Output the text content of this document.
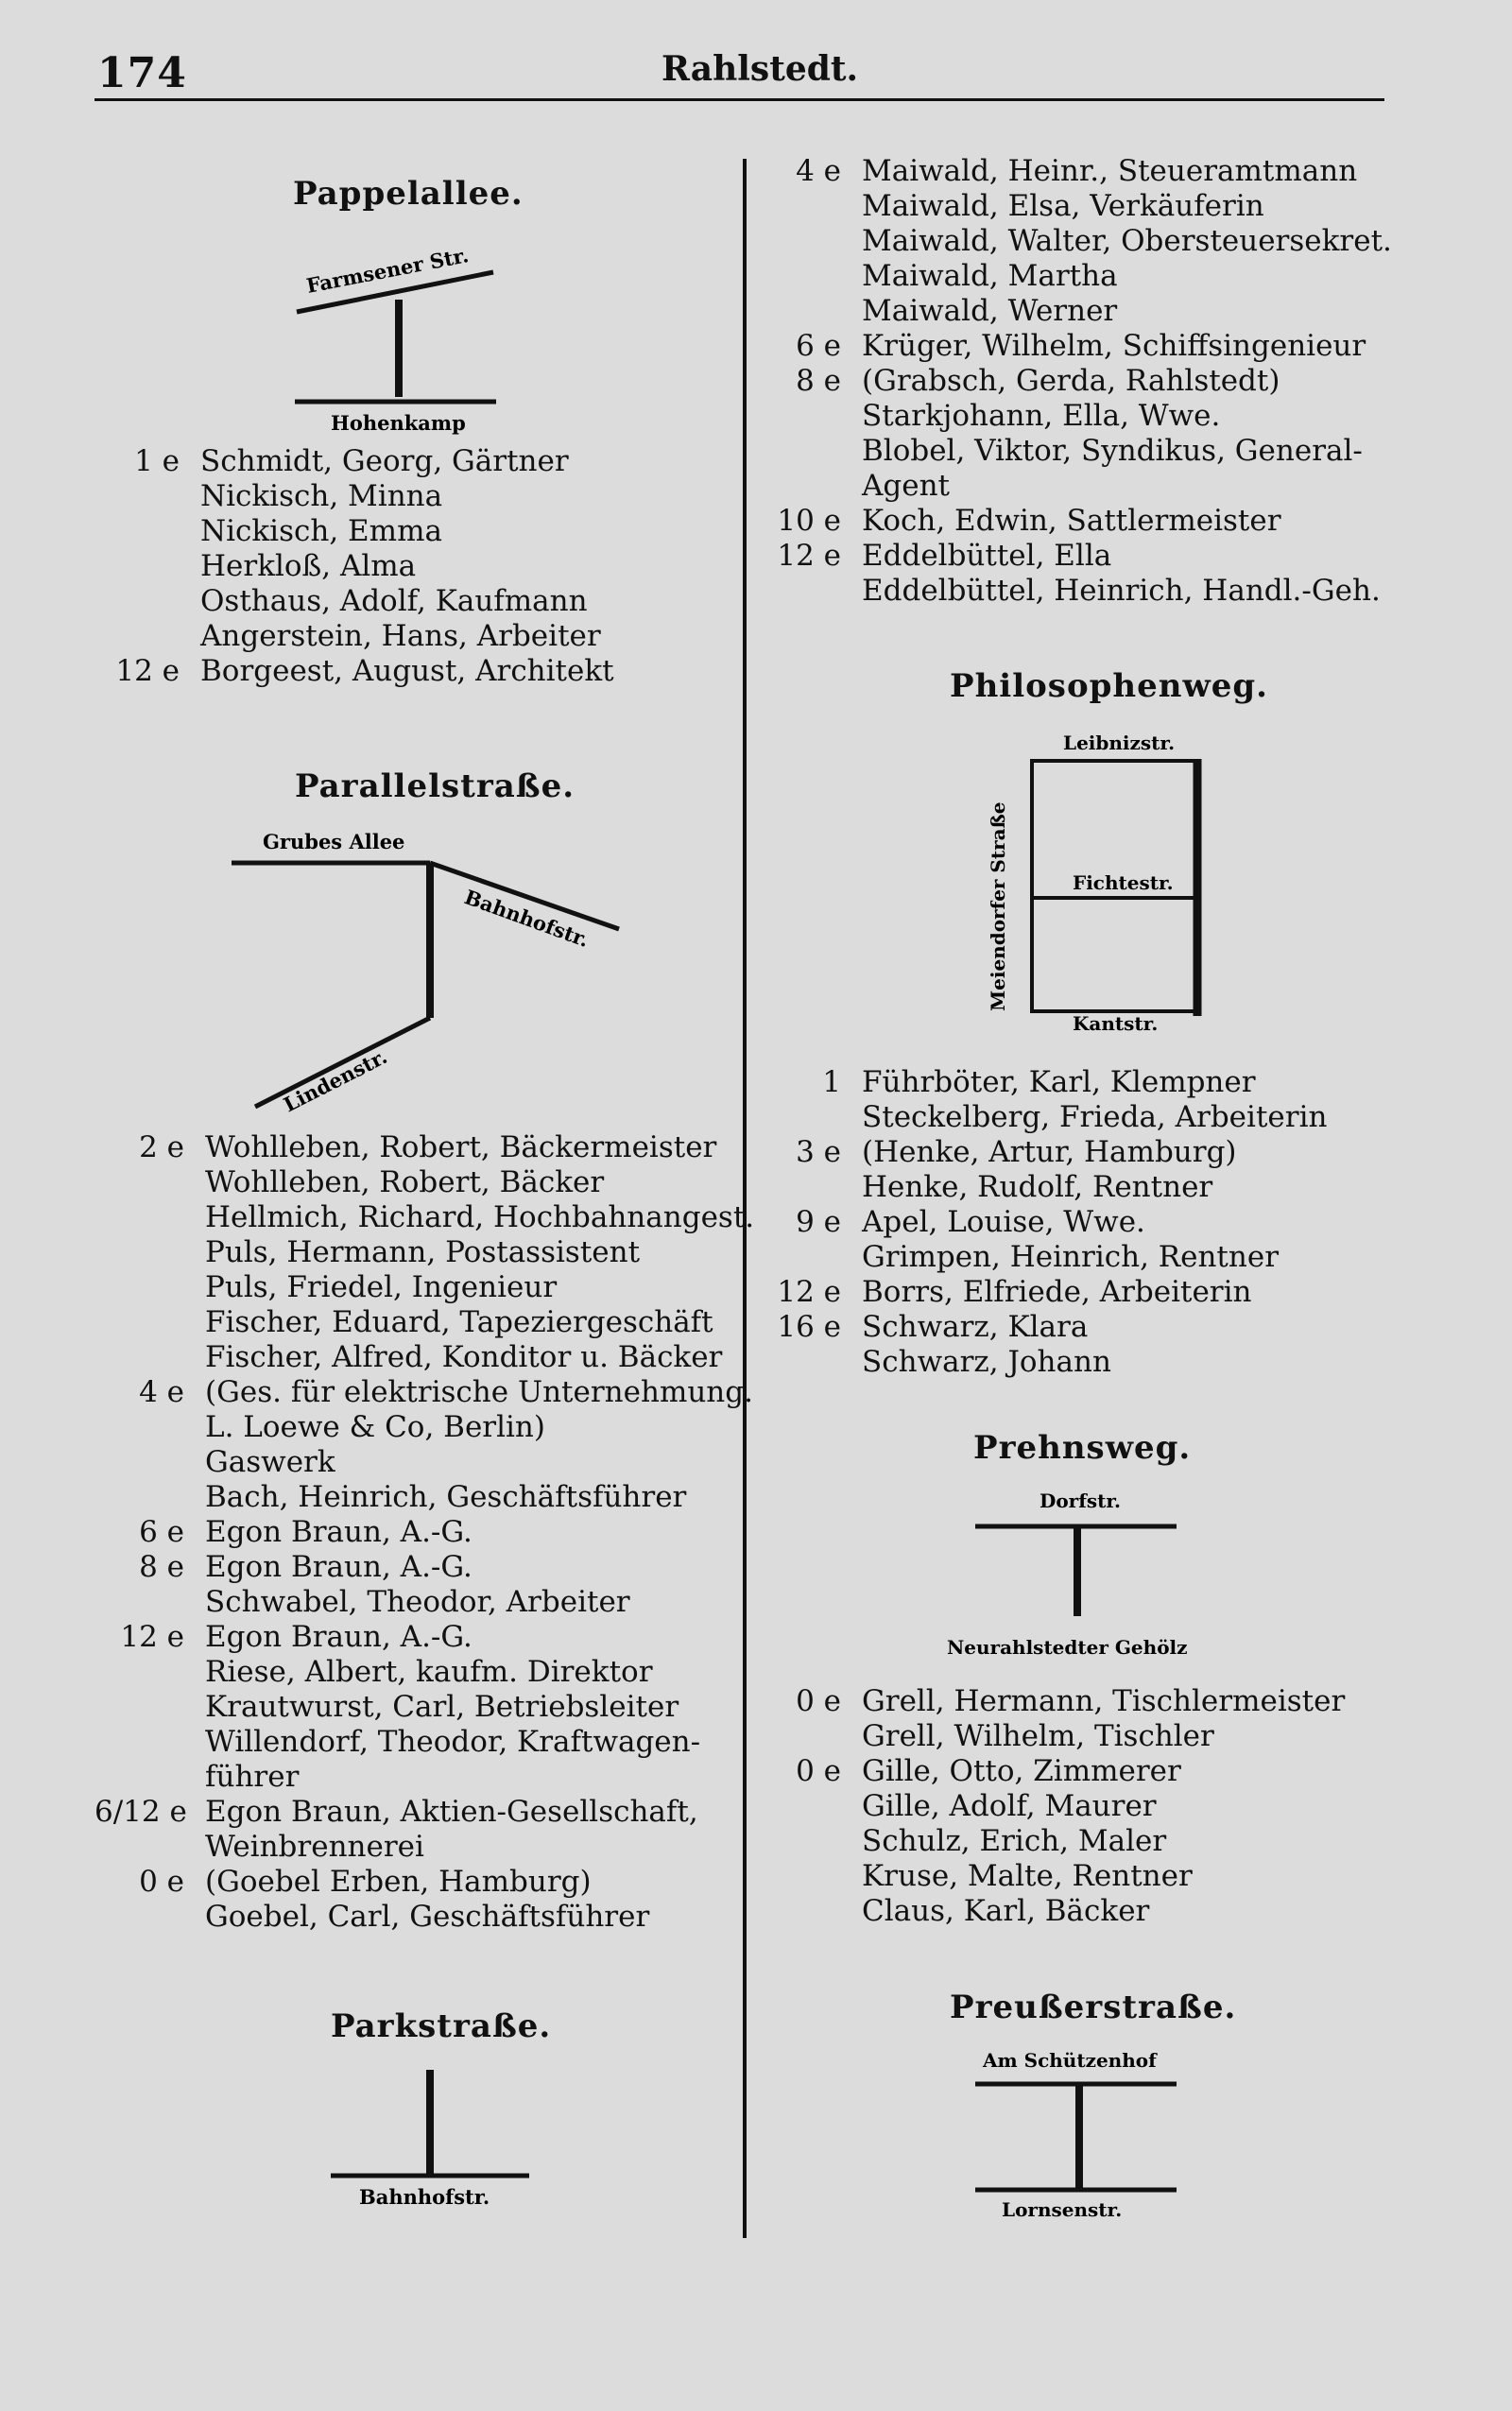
174	Rahlstedt.
Pappelallee.
Farmsener Str.
Hohenkamp
1 e Schmidt, Georg, Gärtner
Nickisch, Minna
Nickisch, Emma
Herkloß, Alma
Osthaus, Adolf, Kaufmann
Angerstein, Hans, Arbeiter
12 e Borgeest, August, Architekt
Parallelstraße.
Grubes Allee
Bahnhofstr.
Lindenstr.
2 e Wohlleben, Robert, Bäckermeister
Wohlleben, Robert, Bäcker
Hellmich, Richard, Hochbahnangest.
Puls, Hermann, Postassistent
Puls, Friedel, Ingenieur
Fischer, Eduard, Tapeziergeschäft
Fischer, Alfred, Konditor u. Bäcker
4 e (Ges. für elektrische Unternehmung.
L. Loewe & Co, Berlin)
Gaswerk
Bach, Heinrich, Geschäftsführer
6 e Egon Braun, A.-G.
8 e Egon Braun, A.-G.
Schwabel, Theodor, Arbeiter
12 e Egon Braun, A.-G.
Riese, Albert, kaufm. Direktor
Krautwurst, Carl, Betriebsleiter
Willendorf, Theodor, Kraftwagen-
führer
6/12 e Egon Braun, Aktien-Gesellschaft,
Weinbrennerei
0 e (Goebel Erben, Hamburg)
Goebel, Carl, Geschäftsführer
Parkstraße.
Bahnhofstr.
4 e Maiwald, Heinr., Steueramtmann
Maiwald, Elsa, Verkäuferin
Maiwald, Walter, Obersteuersekret.
Maiwald, Martha
Maiwald, Werner
6 e Krüger, Wilhelm, Schiffsingenieur
8 e (Grabsch, Gerda, Rahlstedt)
Starkjohann, Ella, Wwe.
Blobel, Viktor, Syndikus, General-
Agent
10 e Koch, Edwin, Sattlermeister
12 e Eddelbüttel, Ella
Eddelbüttel, Heinrich, Handl.-Geh.
Philosophenweg.
Leibnizstr.
Meiendorfer Straße	Fichtestr.
Kantstr.
1 Führböter, Karl, Klempner
Steckelberg, Frieda, Arbeiterin
3 e (Henke, Artur, Hamburg)
Henke, Rudolf, Rentner
9 e Apel, Louise, Wwe.
Grimpen, Heinrich, Rentner
12 e Borrs, Elfriede, Arbeiterin
16 e Schwarz, Klara
Schwarz, Johann
Prehnsweg.
Dorfstr.
Neurahlstedter Gehölz
0 e Grell, Hermann, Tischlermeister
Grell, Wilhelm, Tischler
0 e Gille, Otto, Zimmerer
Gille, Adolf, Maurer
Schulz, Erich, Maler
Kruse, Malte, Rentner
Claus, Karl, Bäcker
Preußerstraße.
Am Schützenhof
Lornsenstr.
